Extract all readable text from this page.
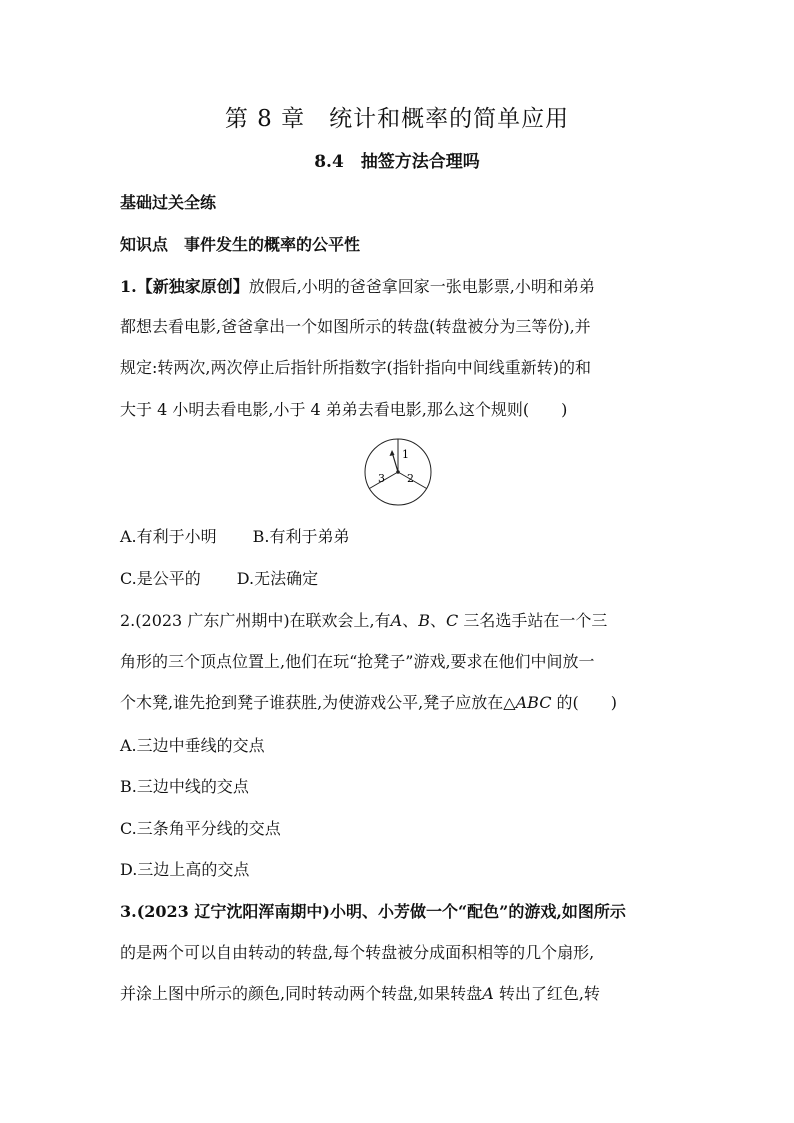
第 8 章　统计和概率的简单应用
8.4　抽签方法合理吗
基础过关全练
知识点　事件发生的概率的公平性
1.【新独家原创】放假后,小明的爸爸拿回家一张电影票,小明和弟弟
都想去看电影,爸爸拿出一个如图所示的转盘(转盘被分为三等份),并
规定:转两次,两次停止后指针所指数字(指针指向中间线重新转)的和
大于 4 小明去看电影,小于 4 弟弟去看电影,那么这个规则(　　)
1
2
3
A.有利于小明 B.有利于弟弟
C.是公平的 D.无法确定
2.(2023 广东广州期中)在联欢会上,有A、B、C 三名选手站在一个三
角形的三个顶点位置上,他们在玩“抢凳子”游戏,要求在他们中间放一
个木凳,谁先抢到凳子谁获胜,为使游戏公平,凳子应放在△ABC 的(　　)
A.三边中垂线的交点
B.三边中线的交点
C.三条角平分线的交点
D.三边上高的交点
3.(2023 辽宁沈阳浑南期中)小明、小芳做一个“配色”的游戏,如图所示
的是两个可以自由转动的转盘,每个转盘被分成面积相等的几个扇形,
并涂上图中所示的颜色,同时转动两个转盘,如果转盘A 转出了红色,转
